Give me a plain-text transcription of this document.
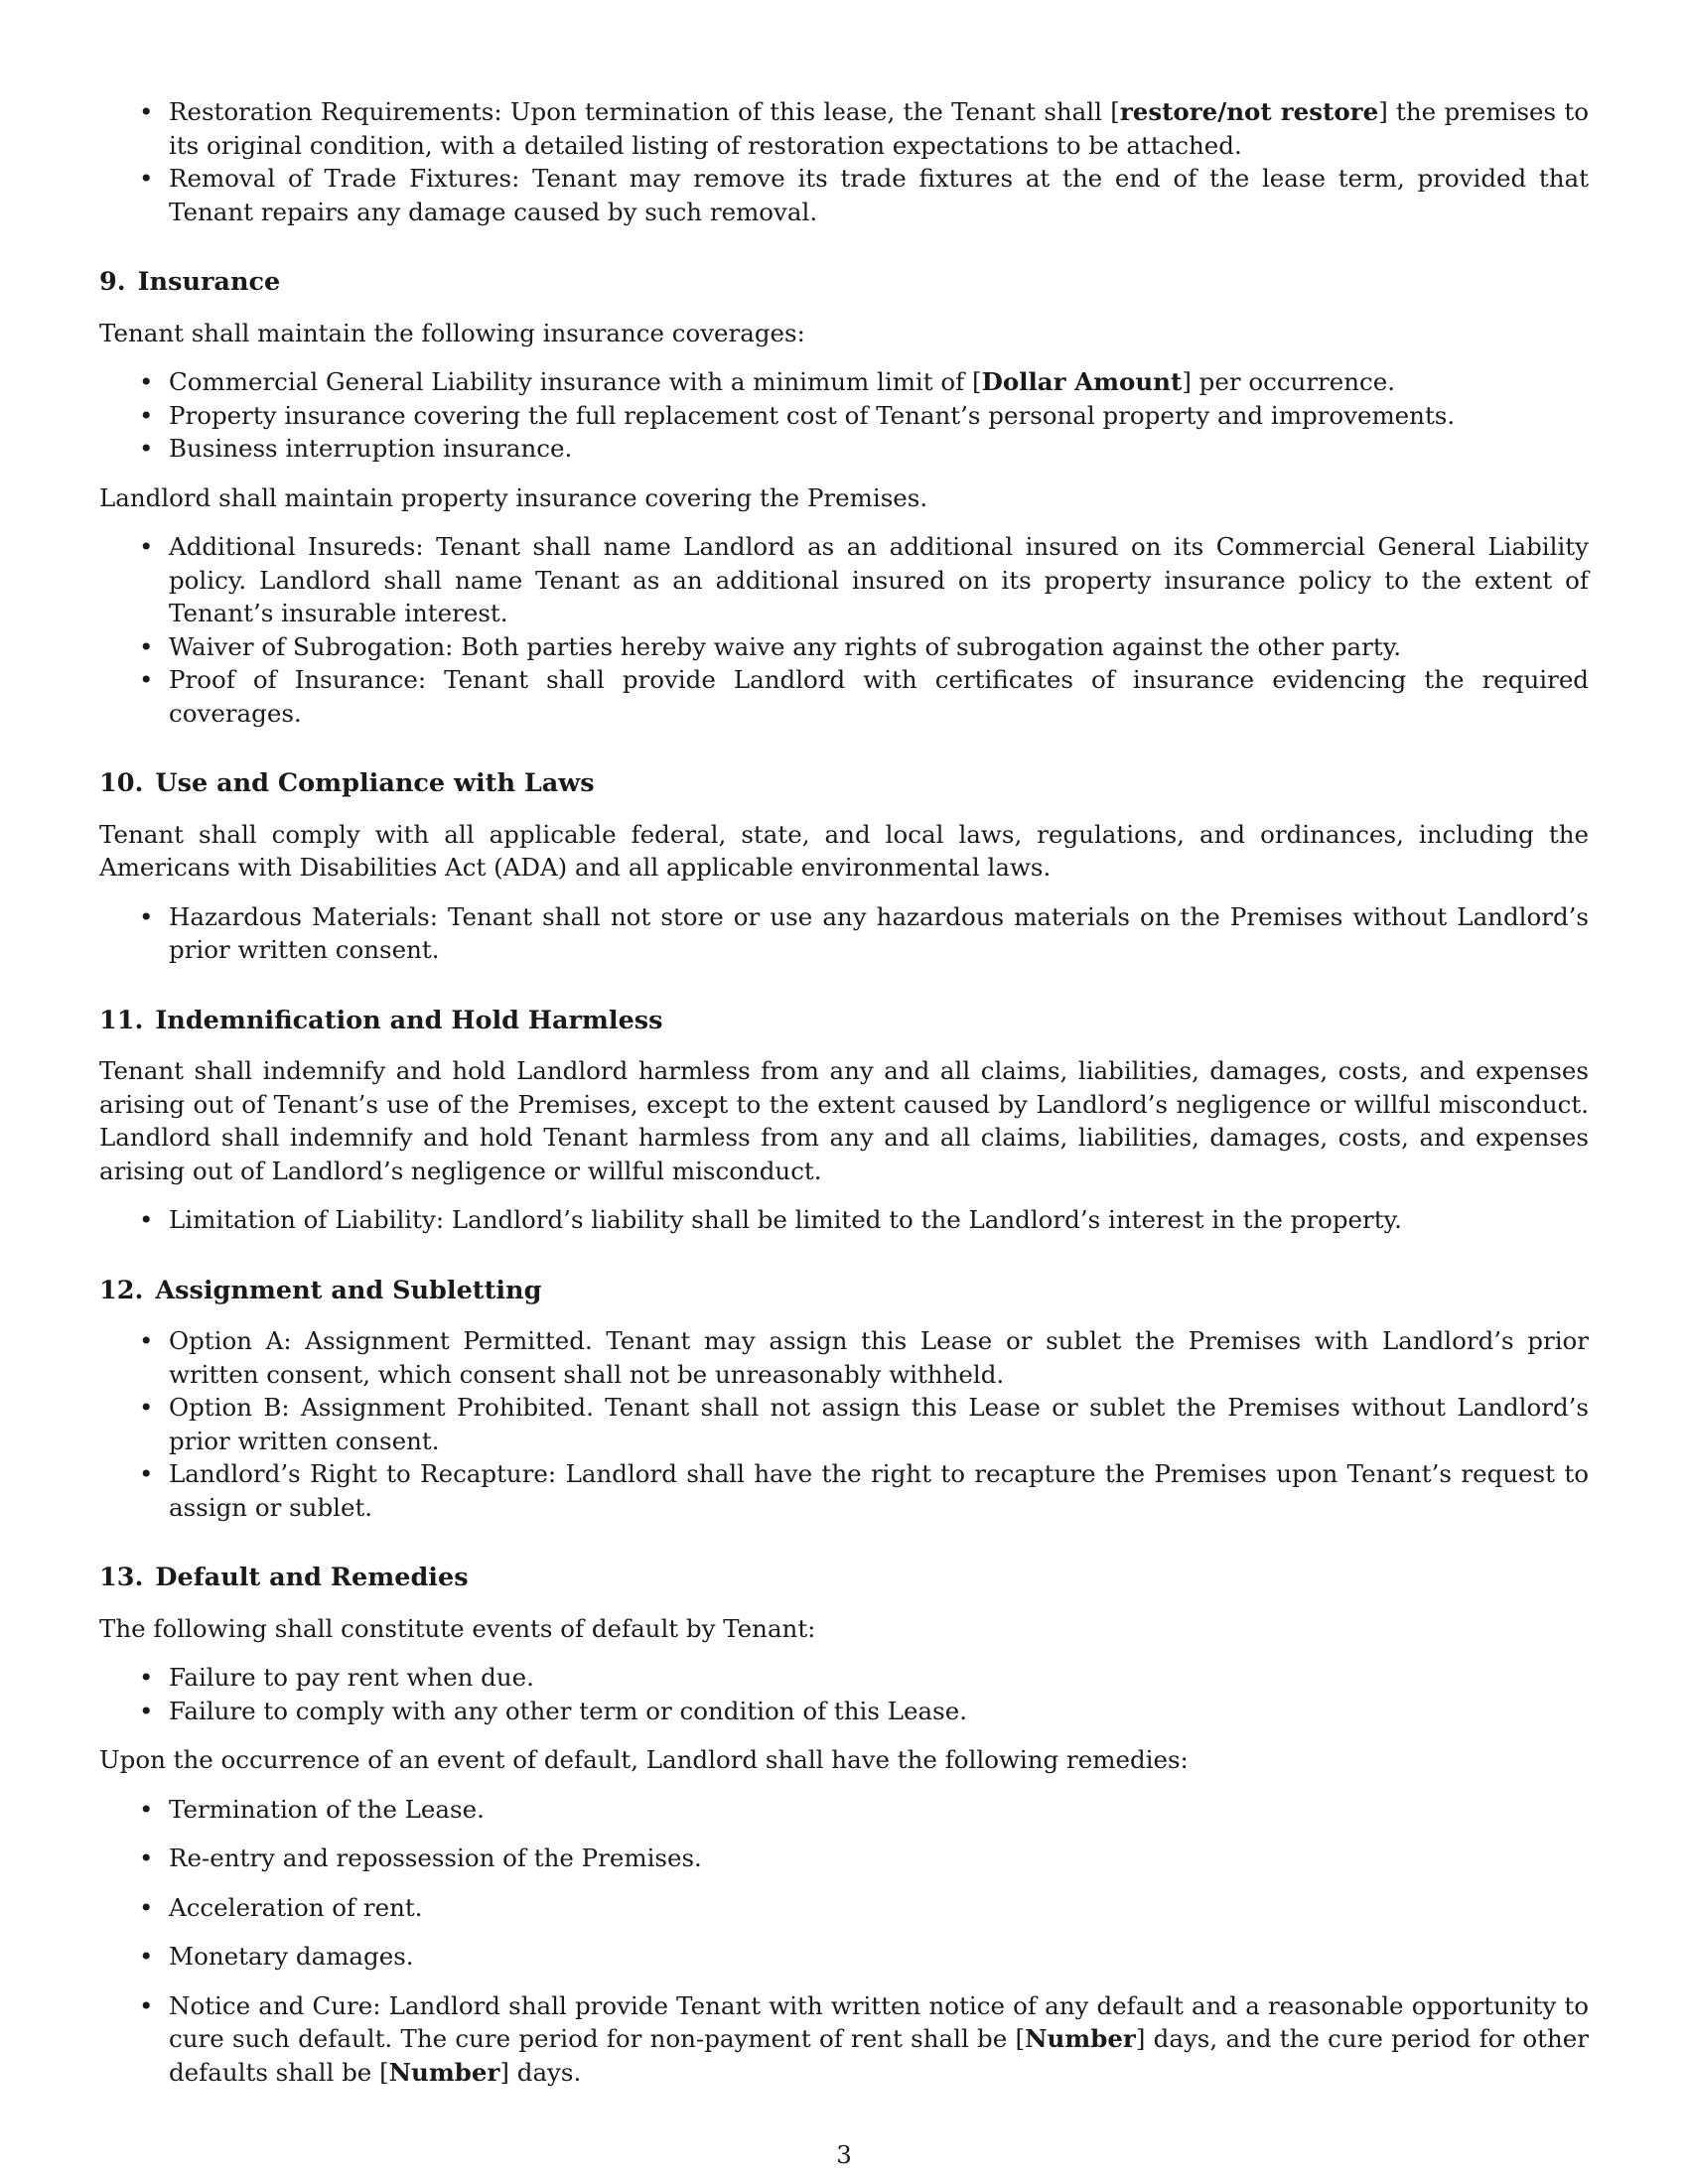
• Restoration Requirements: Upon termination of this lease, the Tenant shall [restore/not restore] the premises to its original condition, with a detailed listing of restoration expectations to be attached.
• Removal of Trade Fixtures: Tenant may remove its trade fixtures at the end of the lease term, provided that Tenant repairs any damage caused by such removal.
9. Insurance

Tenant shall maintain the following insurance coverages:

• Commercial General Liability insurance with a minimum limit of [Dollar Amount] per occurrence.
• Property insurance covering the full replacement cost of Tenant’s personal property and improvements.
• Business interruption insurance.

Landlord shall maintain property insurance covering the Premises.

• Additional Insureds: Tenant shall name Landlord as an additional insured on its Commercial General Liability policy. Landlord shall name Tenant as an additional insured on its property insurance policy to the extent of Tenant’s insurable interest.
• Waiver of Subrogation: Both parties hereby waive any rights of subrogation against the other party.
• Proof of Insurance: Tenant shall provide Landlord with certificates of insurance evidencing the required coverages.
10. Use and Compliance with Laws

Tenant shall comply with all applicable federal, state, and local laws, regulations, and ordinances, including the Americans with Disabilities Act (ADA) and all applicable environmental laws.

• Hazardous Materials: Tenant shall not store or use any hazardous materials on the Premises without Landlord’s prior written consent.
11. Indemnification and Hold Harmless

Tenant shall indemnify and hold Landlord harmless from any and all claims, liabilities, damages, costs, and expenses arising out of Tenant’s use of the Premises, except to the extent caused by Landlord’s negligence or willful misconduct. Landlord shall indemnify and hold Tenant harmless from any and all claims, liabilities, damages, costs, and expenses arising out of Landlord’s negligence or willful misconduct.

• Limitation of Liability: Landlord’s liability shall be limited to the Landlord’s interest in the property.
12. Assignment and Subletting
• Option A: Assignment Permitted. Tenant may assign this Lease or sublet the Premises with Landlord’s prior written consent, which consent shall not be unreasonably withheld.
• Option B: Assignment Prohibited. Tenant shall not assign this Lease or sublet the Premises without Landlord’s prior written consent.
• Landlord’s Right to Recapture: Landlord shall have the right to recapture the Premises upon Tenant’s request to assign or sublet.
13. Default and Remedies

The following shall constitute events of default by Tenant:

• Failure to pay rent when due.
• Failure to comply with any other term or condition of this Lease.

Upon the occurrence of an event of default, Landlord shall have the following remedies:

• Termination of the Lease.
• Re-entry and repossession of the Premises.
• Acceleration of rent.
• Monetary damages.
• Notice and Cure: Landlord shall provide Tenant with written notice of any default and a reasonable opportunity to cure such default. The cure period for non-payment of rent shall be [Number] days, and the cure period for other defaults shall be [Number] days.
3
